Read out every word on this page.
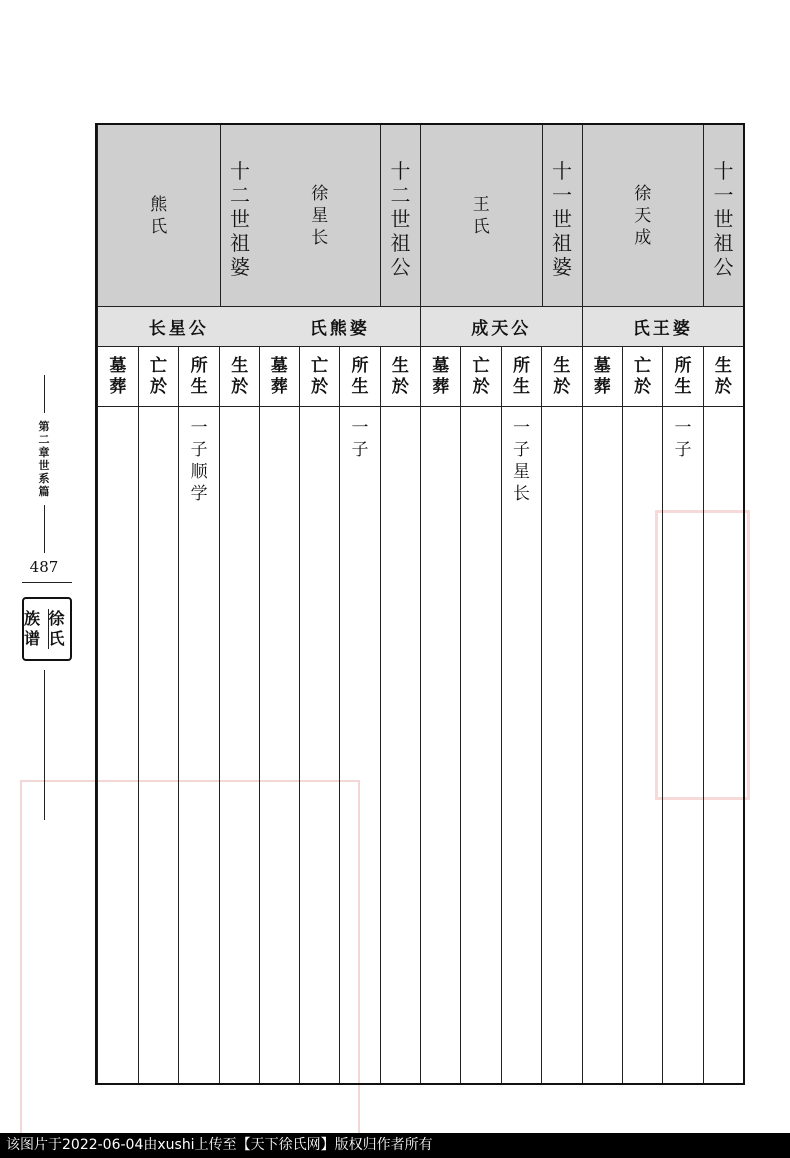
第二章 世系篇
487
徐
氏
族
谱
十
一
世
祖
公
徐
天
成
氏王婆
生
於
所
生
一
子
亡
於
墓
葬
十
一
世
祖
婆
王
氏
成天公
生
於
所
生
一
子
星
长
亡
於
墓
葬
十
二
世
祖
公
徐
星
长
氏熊婆
生
於
所
生
一
子
亡
於
墓
葬
十
二
世
祖
婆
熊
氏
长星公
生
於
所
生
一
子
顺
学
亡
於
墓
葬
该图片于2022-06-04由xushi上传至【天下徐氏网】版权归作者所有
